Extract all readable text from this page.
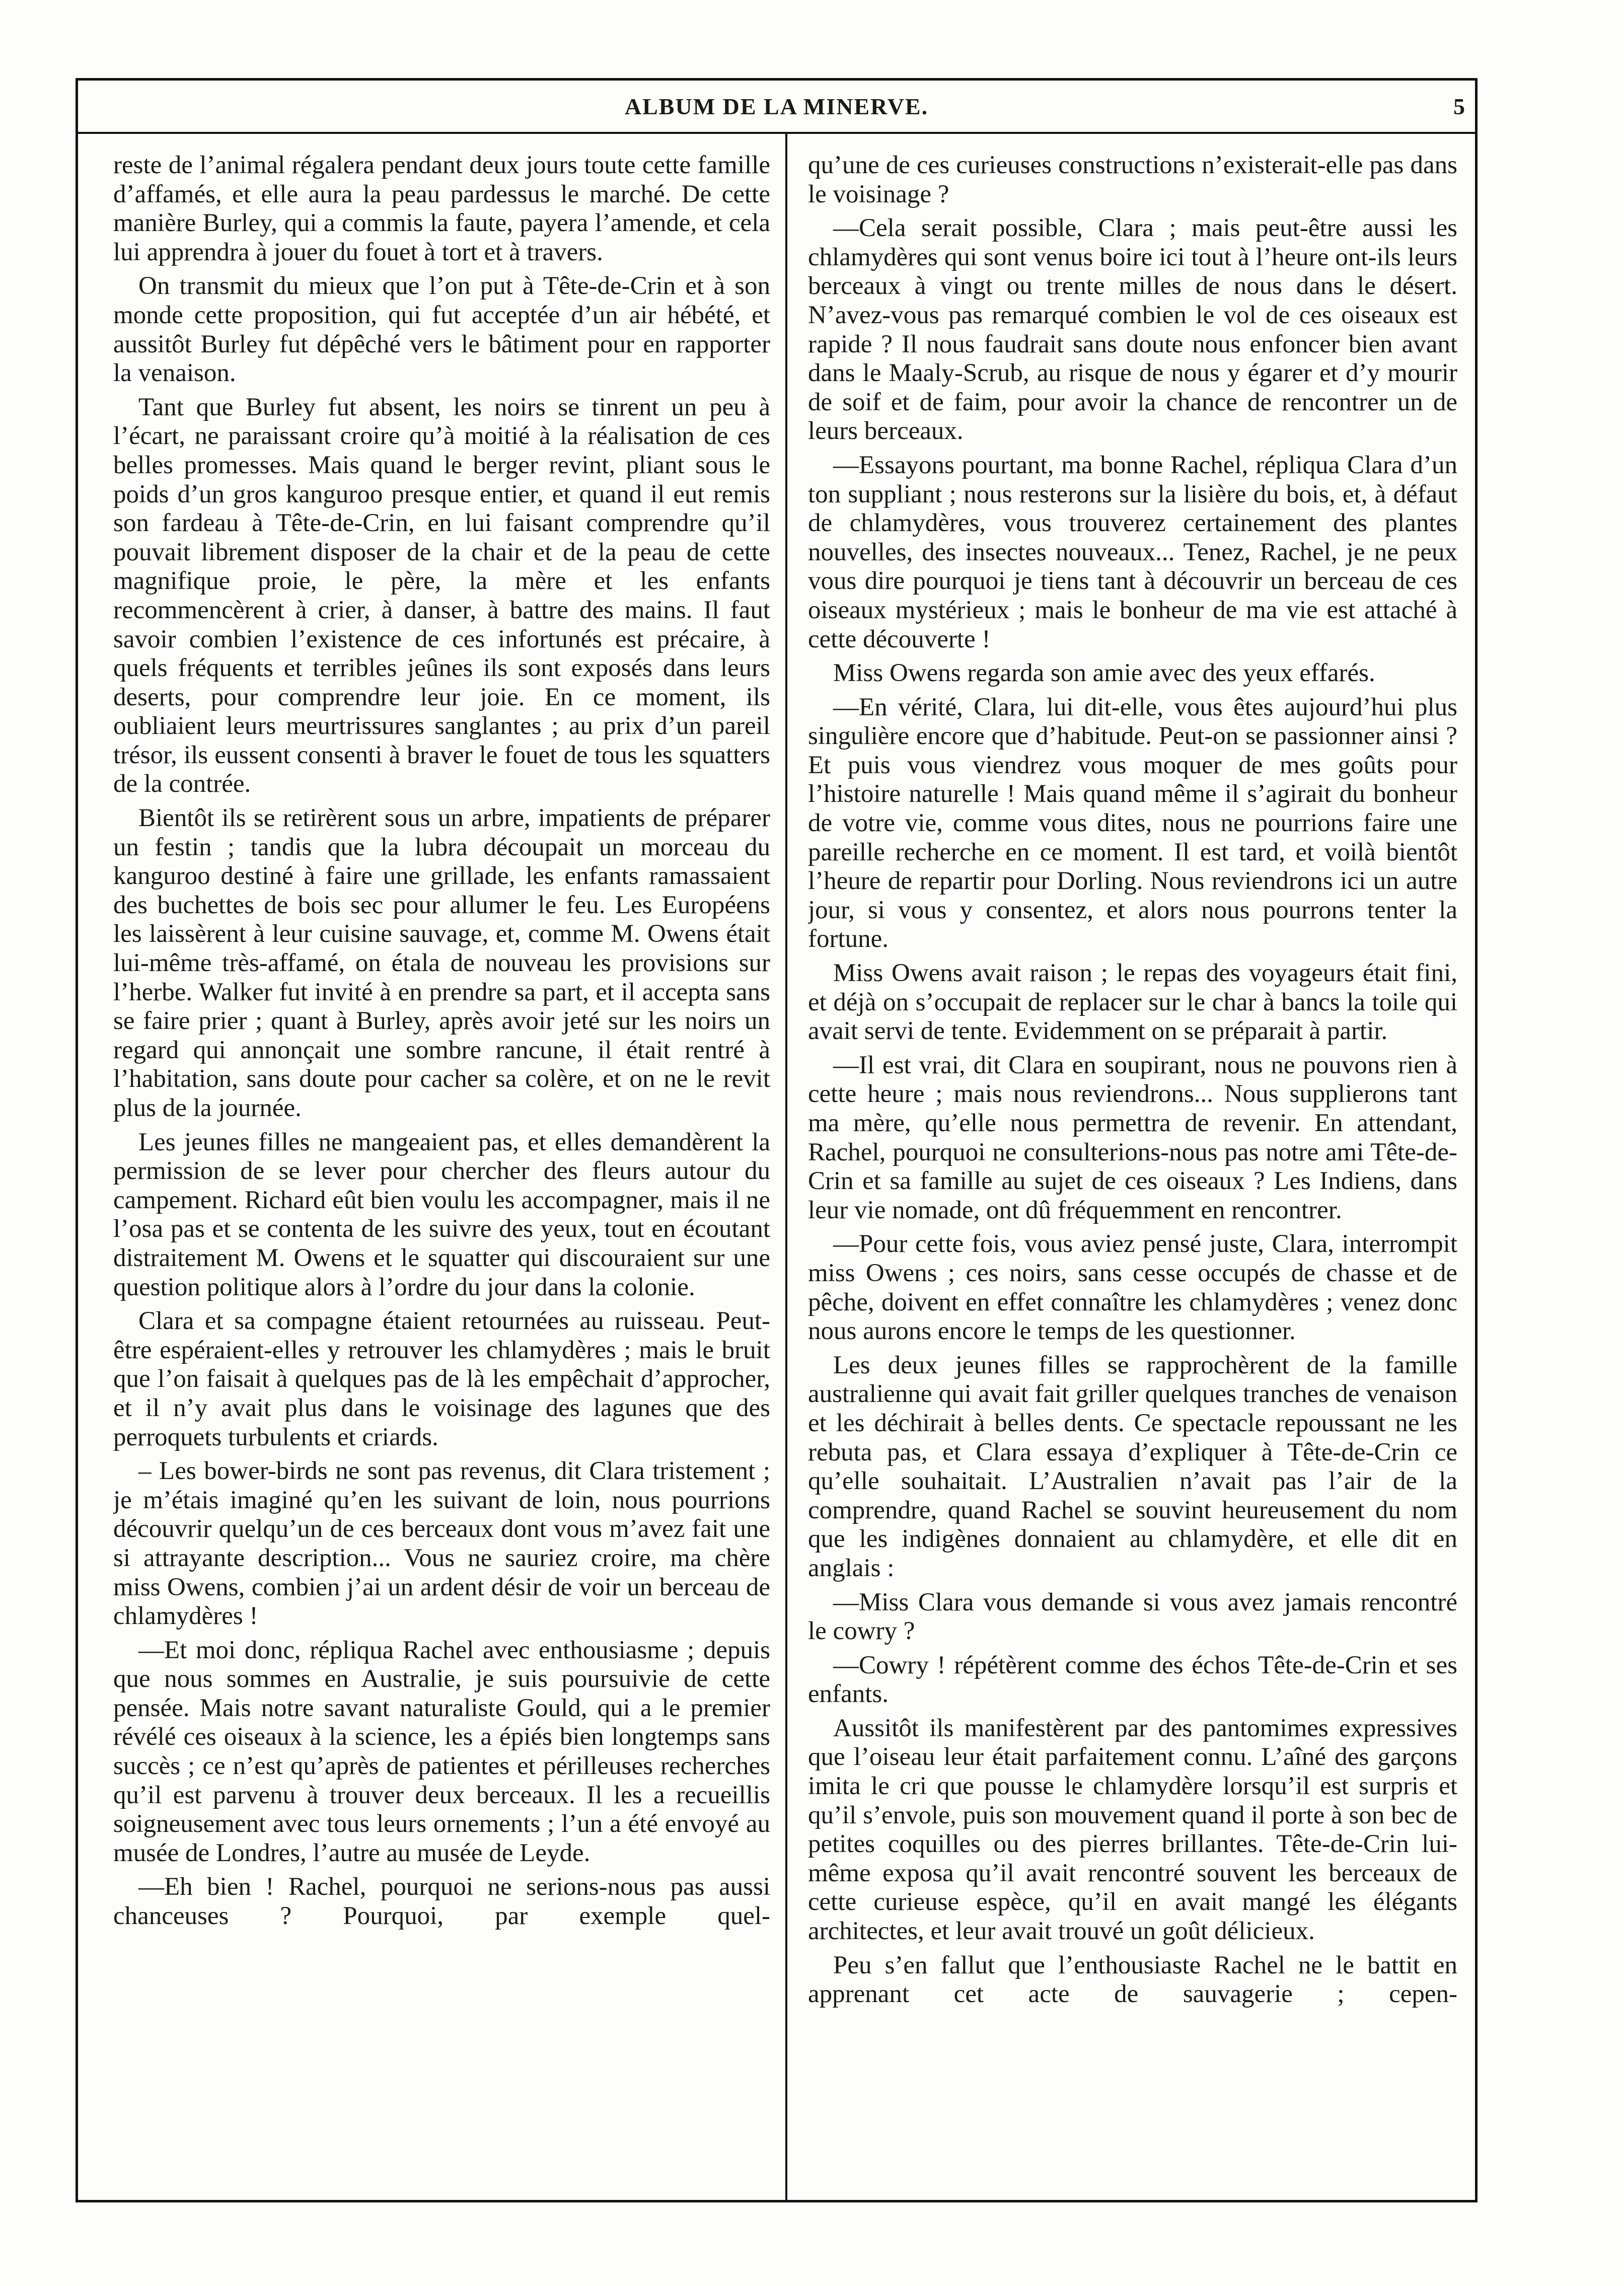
ALBUM DE LA MINERVE.	5

reste de l’animal régalera pendant deux jours toute cette famille d’affamés, et elle aura la peau pardessus le marché. De cette manière Burley, qui a commis la faute, payera l’amende, et cela lui apprendra à jouer du fouet à tort et à travers.

On transmit du mieux que l’on put à Tête-de-Crin et à son monde cette proposition, qui fut acceptée d’un air hébété, et aussitôt Burley fut dépêché vers le bâtiment pour en rapporter la venaison.

Tant que Burley fut absent, les noirs se tinrent un peu à l’écart, ne paraissant croire qu’à moitié à la réalisation de ces belles promesses. Mais quand le berger revint, pliant sous le poids d’un gros kanguroo presque entier, et quand il eut remis son fardeau à Tête-de-Crin, en lui faisant comprendre qu’il pouvait librement disposer de la chair et de la peau de cette magnifique proie, le père, la mère et les enfants recommencèrent à crier, à danser, à battre des mains. Il faut savoir combien l’existence de ces infortunés est précaire, à quels fréquents et terribles jeûnes ils sont exposés dans leurs deserts, pour comprendre leur joie. En ce moment, ils oubliaient leurs meurtrissures sanglantes ; au prix d’un pareil trésor, ils eussent consenti à braver le fouet de tous les squatters de la contrée.

Bientôt ils se retirèrent sous un arbre, impatients de préparer un festin ; tandis que la lubra découpait un morceau du kanguroo destiné à faire une grillade, les enfants ramassaient des buchettes de bois sec pour allumer le feu. Les Européens les laissèrent à leur cuisine sauvage, et, comme M. Owens était lui-même très-affamé, on étala de nouveau les provisions sur l’herbe. Walker fut invité à en prendre sa part, et il accepta sans se faire prier ; quant à Burley, après avoir jeté sur les noirs un regard qui annonçait une sombre rancune, il était rentré à l’habitation, sans doute pour cacher sa colère, et on ne le revit plus de la journée.

Les jeunes filles ne mangeaient pas, et elles demandèrent la permission de se lever pour chercher des fleurs autour du campement. Richard eût bien voulu les accompagner, mais il ne l’osa pas et se contenta de les suivre des yeux, tout en écoutant distraitement M. Owens et le squatter qui discouraient sur une question politique alors à l’ordre du jour dans la colonie.

Clara et sa compagne étaient retournées au ruisseau. Peut-être espéraient-elles y retrouver les chlamydères ; mais le bruit que l’on faisait à quelques pas de là les empêchait d’approcher, et il n’y avait plus dans le voisinage des lagunes que des perroquets turbulents et criards.

– Les bower-birds ne sont pas revenus, dit Clara tristement ; je m’étais imaginé qu’en les suivant de loin, nous pourrions découvrir quelqu’un de ces berceaux dont vous m’avez fait une si attrayante description... Vous ne sauriez croire, ma chère miss Owens, combien j’ai un ardent désir de voir un berceau de chlamydères !

—Et moi donc, répliqua Rachel avec enthousiasme ; depuis que nous sommes en Australie, je suis poursuivie de cette pensée. Mais notre savant naturaliste Gould, qui a le premier révélé ces oiseaux à la science, les a épiés bien longtemps sans succès ; ce n’est qu’après de patientes et périlleuses recherches qu’il est parvenu à trouver deux berceaux. Il les a recueillis soigneusement avec tous leurs ornements ; l’un a été envoyé au musée de Londres, l’autre au musée de Leyde.

—Eh bien ! Rachel, pourquoi ne serions-nous pas aussi chanceuses ? Pourquoi, par exemple quel-

qu’une de ces curieuses constructions n’existerait-elle pas dans le voisinage ?

—Cela serait possible, Clara ; mais peut-être aussi les chlamydères qui sont venus boire ici tout à l’heure ont-ils leurs berceaux à vingt ou trente milles de nous dans le désert. N’avez-vous pas remarqué combien le vol de ces oiseaux est rapide ? Il nous faudrait sans doute nous enfoncer bien avant dans le Maaly-Scrub, au risque de nous y égarer et d’y mourir de soif et de faim, pour avoir la chance de rencontrer un de leurs berceaux.

—Essayons pourtant, ma bonne Rachel, répliqua Clara d’un ton suppliant ; nous resterons sur la lisière du bois, et, à défaut de chlamydères, vous trouverez certainement des plantes nouvelles, des insectes nouveaux... Tenez, Rachel, je ne peux vous dire pourquoi je tiens tant à découvrir un berceau de ces oiseaux mystérieux ; mais le bonheur de ma vie est attaché à cette découverte !

Miss Owens regarda son amie avec des yeux effarés.

—En vérité, Clara, lui dit-elle, vous êtes aujourd’hui plus singulière encore que d’habitude. Peut-on se passionner ainsi ? Et puis vous viendrez vous moquer de mes goûts pour l’histoire naturelle ! Mais quand même il s’agirait du bonheur de votre vie, comme vous dites, nous ne pourrions faire une pareille recherche en ce moment. Il est tard, et voilà bientôt l’heure de repartir pour Dorling. Nous reviendrons ici un autre jour, si vous y consentez, et alors nous pourrons tenter la fortune.

Miss Owens avait raison ; le repas des voyageurs était fini, et déjà on s’occupait de replacer sur le char à bancs la toile qui avait servi de tente. Evidemment on se préparait à partir.

—Il est vrai, dit Clara en soupirant, nous ne pouvons rien à cette heure ; mais nous reviendrons... Nous supplierons tant ma mère, qu’elle nous permettra de revenir. En attendant, Rachel, pourquoi ne consulterions-nous pas notre ami Tête-de-Crin et sa famille au sujet de ces oiseaux ? Les Indiens, dans leur vie nomade, ont dû fréquemment en rencontrer.

—Pour cette fois, vous aviez pensé juste, Clara, interrompit miss Owens ; ces noirs, sans cesse occupés de chasse et de pêche, doivent en effet connaître les chlamydères ; venez donc nous aurons encore le temps de les questionner.

Les deux jeunes filles se rapprochèrent de la famille australienne qui avait fait griller quelques tranches de venaison et les déchirait à belles dents. Ce spectacle repoussant ne les rebuta pas, et Clara essaya d’expliquer à Tête-de-Crin ce qu’elle souhaitait. L’Australien n’avait pas l’air de la comprendre, quand Rachel se souvint heureusement du nom que les indigènes donnaient au chlamydère, et elle dit en anglais :

—Miss Clara vous demande si vous avez jamais rencontré le cowry ?

—Cowry ! répétèrent comme des échos Tête-de-Crin et ses enfants.

Aussitôt ils manifestèrent par des pantomimes expressives que l’oiseau leur était parfaitement connu. L’aîné des garçons imita le cri que pousse le chlamydère lorsqu’il est surpris et qu’il s’envole, puis son mouvement quand il porte à son bec de petites coquilles ou des pierres brillantes. Tête-de-Crin lui-même exposa qu’il avait rencontré souvent les berceaux de cette curieuse espèce, qu’il en avait mangé les élégants architectes, et leur avait trouvé un goût délicieux.

Peu s’en fallut que l’enthousiaste Rachel ne le battit en apprenant cet acte de sauvagerie ; cepen-
